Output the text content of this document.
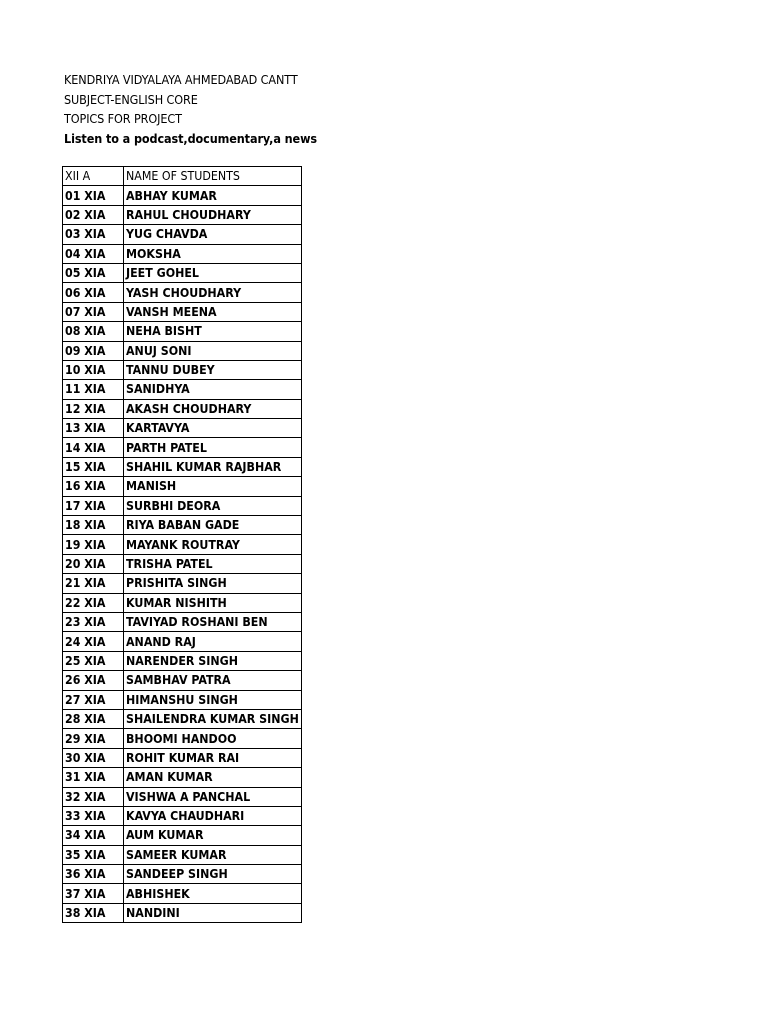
KENDRIYA VIDYALAYA AHMEDABAD CANTT
SUBJECT-ENGLISH CORE
TOPICS FOR PROJECT
Listen to a podcast,documentary,a news
XII A	NAME OF STUDENTS
01 XIA	ABHAY KUMAR
02 XIA	RAHUL CHOUDHARY
03 XIA	YUG CHAVDA
04 XIA	MOKSHA
05 XIA	JEET GOHEL
06 XIA	YASH CHOUDHARY
07 XIA	VANSH MEENA
08 XIA	NEHA BISHT
09 XIA	ANUJ SONI
10 XIA	TANNU DUBEY
11 XIA	SANIDHYA
12 XIA	AKASH CHOUDHARY
13 XIA	KARTAVYA
14 XIA	PARTH PATEL
15 XIA	SHAHIL KUMAR RAJBHAR
16 XIA	MANISH
17 XIA	SURBHI DEORA
18 XIA	RIYA BABAN GADE
19 XIA	MAYANK ROUTRAY
20 XIA	TRISHA PATEL
21 XIA	PRISHITA SINGH
22 XIA	KUMAR NISHITH
23 XIA	TAVIYAD ROSHANI BEN
24 XIA	ANAND RAJ
25 XIA	NARENDER SINGH
26 XIA	SAMBHAV PATRA
27 XIA	HIMANSHU SINGH
28 XIA	SHAILENDRA KUMAR SINGH
29 XIA	BHOOMI HANDOO
30 XIA	ROHIT KUMAR RAI
31 XIA	AMAN KUMAR
32 XIA	VISHWA A PANCHAL
33 XIA	KAVYA CHAUDHARI
34 XIA	AUM KUMAR
35 XIA	SAMEER KUMAR
36 XIA	SANDEEP SINGH
37 XIA	ABHISHEK
38 XIA	NANDINI
